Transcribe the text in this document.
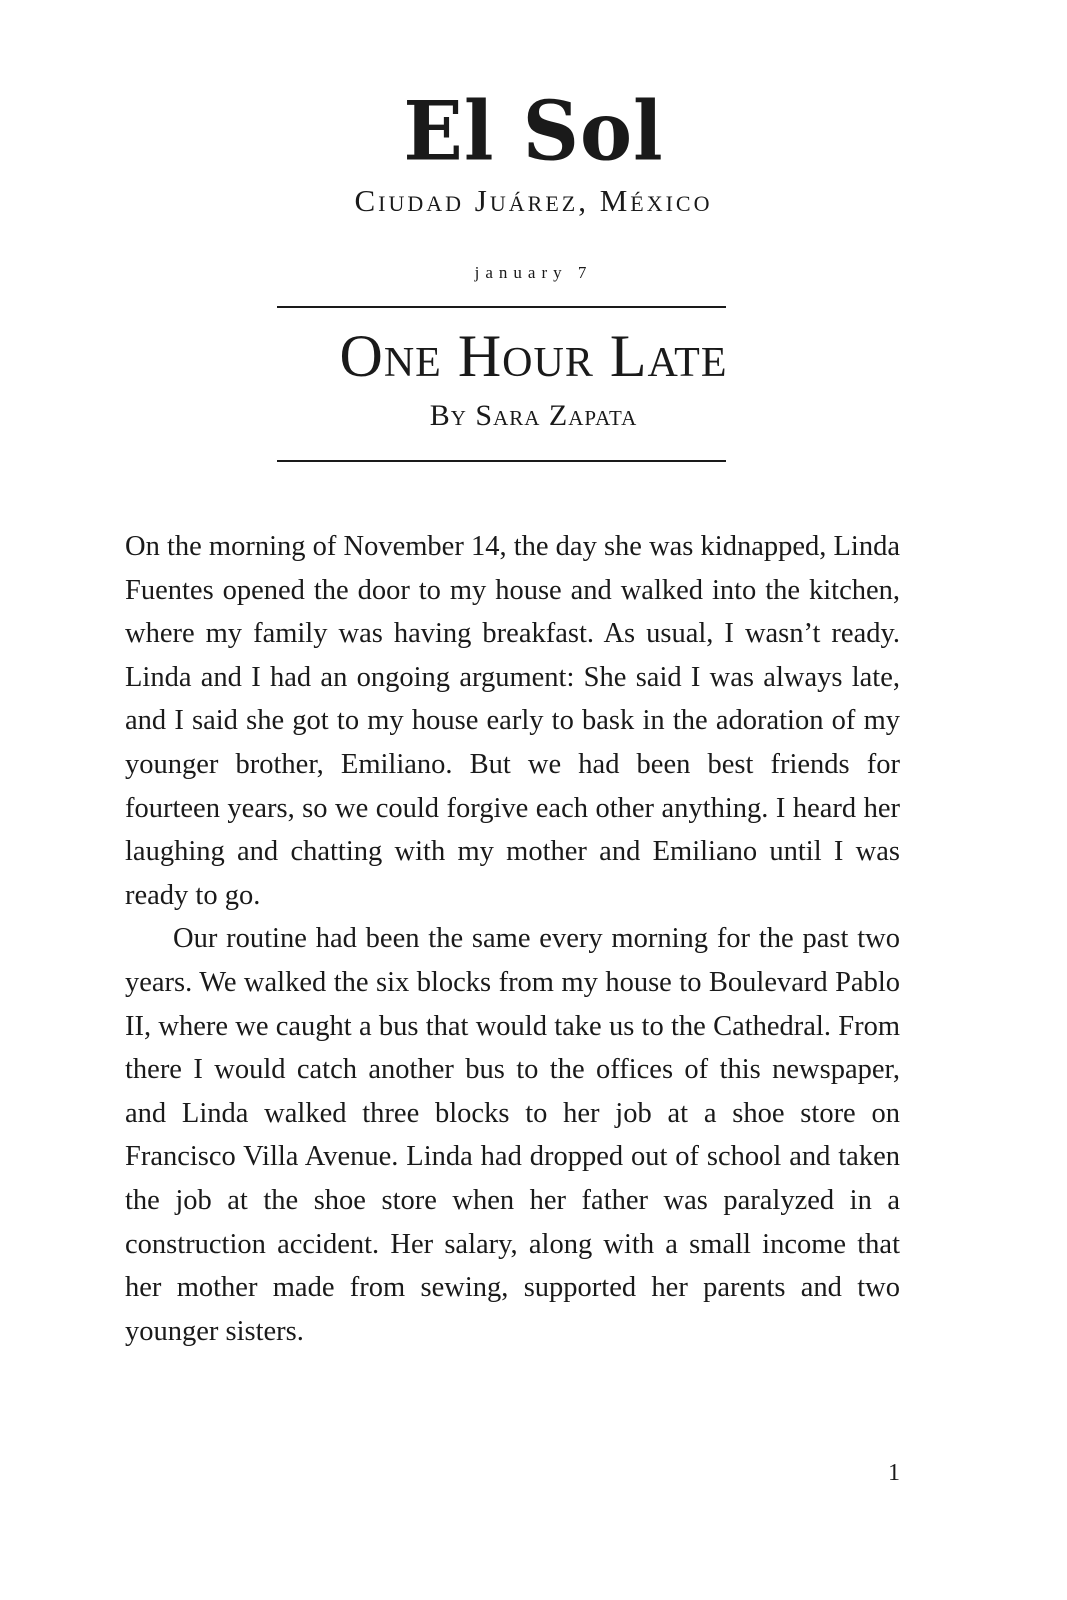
El Sol
Ciudad Juárez, México
january 7
One Hour Late
By Sara Zapata

On the morning of November 14, the day she was kidnapped, Linda Fuentes opened the door to my house and walked into the kitchen, where my family was having breakfast. As usual, I wasn’t ready. Linda and I had an ongoing argument: She said I was always late, and I said she got to my house early to bask in the adoration of my younger brother, Emiliano. But we had been best friends for fourteen years, so we could forgive each other anything. I heard her laughing and chatting with my mother and Emiliano until I was ready to go.

Our routine had been the same every morning for the past two years. We walked the six blocks from my house to Boulevard Pablo II, where we caught a bus that would take us to the Cathedral. From there I would catch another bus to the offices of this newspaper, and Linda walked three blocks to her job at a shoe store on Francisco Villa Avenue. Linda had dropped out of school and taken the job at the shoe store when her father was paralyzed in a construction accident. Her salary, along with a small income that her mother made from sewing, supported her parents and two younger sisters.

1
